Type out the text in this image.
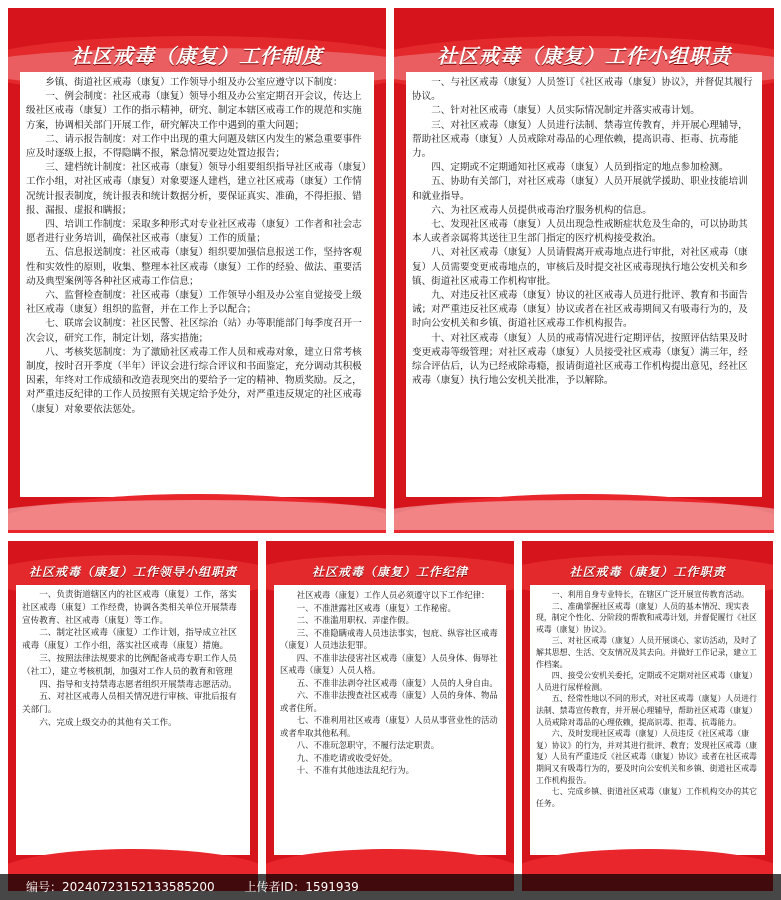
社区戒毒（康复）工作制度

乡镇、街道社区戒毒（康复）工作领导小组及办公室应遵守以下制度：

一、例会制度：社区戒毒（康复）领导小组及办公室定期召开会议，传达上级社区戒毒（康复）工作的指示精神，研究、制定本辖区戒毒工作的规范和实施方案，协调相关部门开展工作，研究解决工作中遇到的重大问题；

二、请示报告制度：对工作中出现的重大问题及辖区内发生的紧急重要事件应及时逐级上报，不得隐瞒不报，紧急情况要边处置边报告；

三、建档统计制度：社区戒毒（康复）领导小组要组织指导社区戒毒（康复）工作小组，对社区戒毒（康复）对象要逐人建档，建立社区戒毒（康复）工作情况统计报表制度，统计报表和统计数据分析，要保证真实、准确，不得拒报、错报、漏报、虚报和瞒报；

四、培训工作制度：采取多种形式对专业社区戒毒（康复）工作者和社会志愿者进行业务培训，确保社区戒毒（康复）工作的质量；

五、信息报送制度：社区戒毒（康复）组织要加强信息报送工作，坚持客观性和实效性的原则，收集、整理本社区戒毒（康复）工作的经验、做法、重要活动及典型案例等各种社区戒毒工作信息；

六、监督检查制度：社区戒毒（康复）工作领导小组及办公室自觉接受上级社区戒毒（康复）组织的监督，并在工作上予以配合；

七、联席会议制度：社区民警、社区综治（站）办等职能部门每季度召开一次会议，研究工作，制定计划，落实措施；

八、考核奖惩制度：为了激励社区戒毒工作人员和戒毒对象，建立日常考核制度，按时召开季度（半年）评议会进行综合评议和书面鉴定，充分调动其积极因素，年终对工作成绩和改造表现突出的要给予一定的精神、物质奖励。反之，对严重违反纪律的工作人员按照有关规定给予处分，对严重违反规定的社区戒毒（康复）对象要依法惩处。

社区戒毒（康复）工作小组职责

一、与社区戒毒（康复）人员签订《社区戒毒（康复）协议》，并督促其履行协议。

二、针对社区戒毒（康复）人员实际情况制定并落实戒毒计划。

三、对社区戒毒（康复）人员进行法制、禁毒宣传教育，并开展心理辅导，帮助社区戒毒（康复）人员戒除对毒品的心理依赖，提高识毒、拒毒、抗毒能力。

四、定期或不定期通知社区戒毒（康复）人员到指定的地点参加检测。

五、协助有关部门，对社区戒毒（康复）人员开展就学援助、职业技能培训和就业指导。

六、为社区戒毒人员提供戒毒治疗服务机构的信息。

七、发现社区戒毒（康复）人员出现急性戒断症状危及生命的，可以协助其本人或者亲属将其送往卫生部门指定的医疗机构接受救治。

八、对社区戒毒（康复）人员请假离开戒毒地点进行审批，对社区戒毒（康复）人员需要变更戒毒地点的，审核后及时提交社区戒毒现执行地公安机关和乡镇、街道社区戒毒工作机构审批。

九、对违反社区戒毒（康复）协议的社区戒毒人员进行批评、教育和书面告诫；对严重违反社区戒毒（康复）协议或者在社区戒毒期间又有吸毒行为的，及时向公安机关和乡镇、街道社区戒毒工作机构报告。

十、对社区戒毒（康复）人员的戒毒情况进行定期评估，按照评估结果及时变更戒毒等级管理；对社区戒毒（康复）人员接受社区戒毒（康复）满三年，经综合评估后，认为已经戒除毒瘾，报请街道社区戒毒工作机构提出意见，经社区戒毒（康复）执行地公安机关批准，予以解除。

社区戒毒（康复）工作领导小组职责

一、负责街道辖区内的社区戒毒（康复）工作，落实社区戒毒（康复）工作经费，协调各类相关单位开展禁毒宣传教育、社区戒毒（康复）等工作。

二、制定社区戒毒（康复）工作计划，指导成立社区戒毒（康复）工作小组，落实社区戒毒（康复）措施。

三、按照法律法规要求的比例配备戒毒专职工作人员（社工），建立考核机制，加强对工作人员的教育和管理

四、指导和支持禁毒志愿者组织开展禁毒志愿活动。

五、对社区戒毒人员相关情况进行审核、审批后报有关部门。

六、完成上级交办的其他有关工作。

社区戒毒（康复）工作纪律

社区戒毒（康复）工作人员必须遵守以下工作纪律：

一、不准泄露社区戒毒（康复）工作秘密。

二、不准滥用职权、弄虚作假。

三、不准隐瞒戒毒人员违法事实，包庇、纵容社区戒毒（康复）人员违法犯罪。

四、不准非法侵害社区戒毒（康复）人员身体、侮辱社区戒毒（康复）人员人格。

五、不准非法剥夺社区戒毒（康复）人员的人身自由。

六、不准非法搜查社区戒毒（康复）人员的身体、物品或者住所。

七、不准利用社区戒毒（康复）人员从事营业性的活动或者牟取其他私利。

八、不准玩忽职守，不履行法定职责。

九、不准吃请或收受好处。

十、不准有其他违法乱纪行为。

社区戒毒（康复）工作职责

一、利用自身专业特长，在辖区广泛开展宣传教育活动。

二、准确掌握社区戒毒（康复）人员的基本情况、现实表现，制定个性化、分阶段的帮教和戒毒计划，并督促履行《社区戒毒（康复）协议》。

三、对社区戒毒（康复）人员开展谈心、家访活动，及时了解其思想、生活、交友情况及其去向。并做好工作记录，建立工作档案。

四、接受公安机关委托，定期或不定期对社区戒毒（康复）人员进行尿样检测。

五、经常性地以不同的形式，对社区戒毒（康复）人员进行法制、禁毒宣传教育，并开展心理辅导，帮助社区戒毒（康复）人员戒除对毒品的心理依赖，提高识毒、拒毒、抗毒能力。

六、及时发现社区戒毒（康复）人员违反《社区戒毒（康复）协议》的行为，并对其进行批评、教育；发现社区戒毒（康复）人员有严重违反《社区戒毒（康复）协议》或者在社区戒毒期间又有吸毒行为的，要及时向公安机关和乡镇、街道社区戒毒工作机构报告。

七、完成乡镇、街道社区戒毒（康复）工作机构交办的其它任务。

编号：20240723152133585200 上传者ID：1591939
